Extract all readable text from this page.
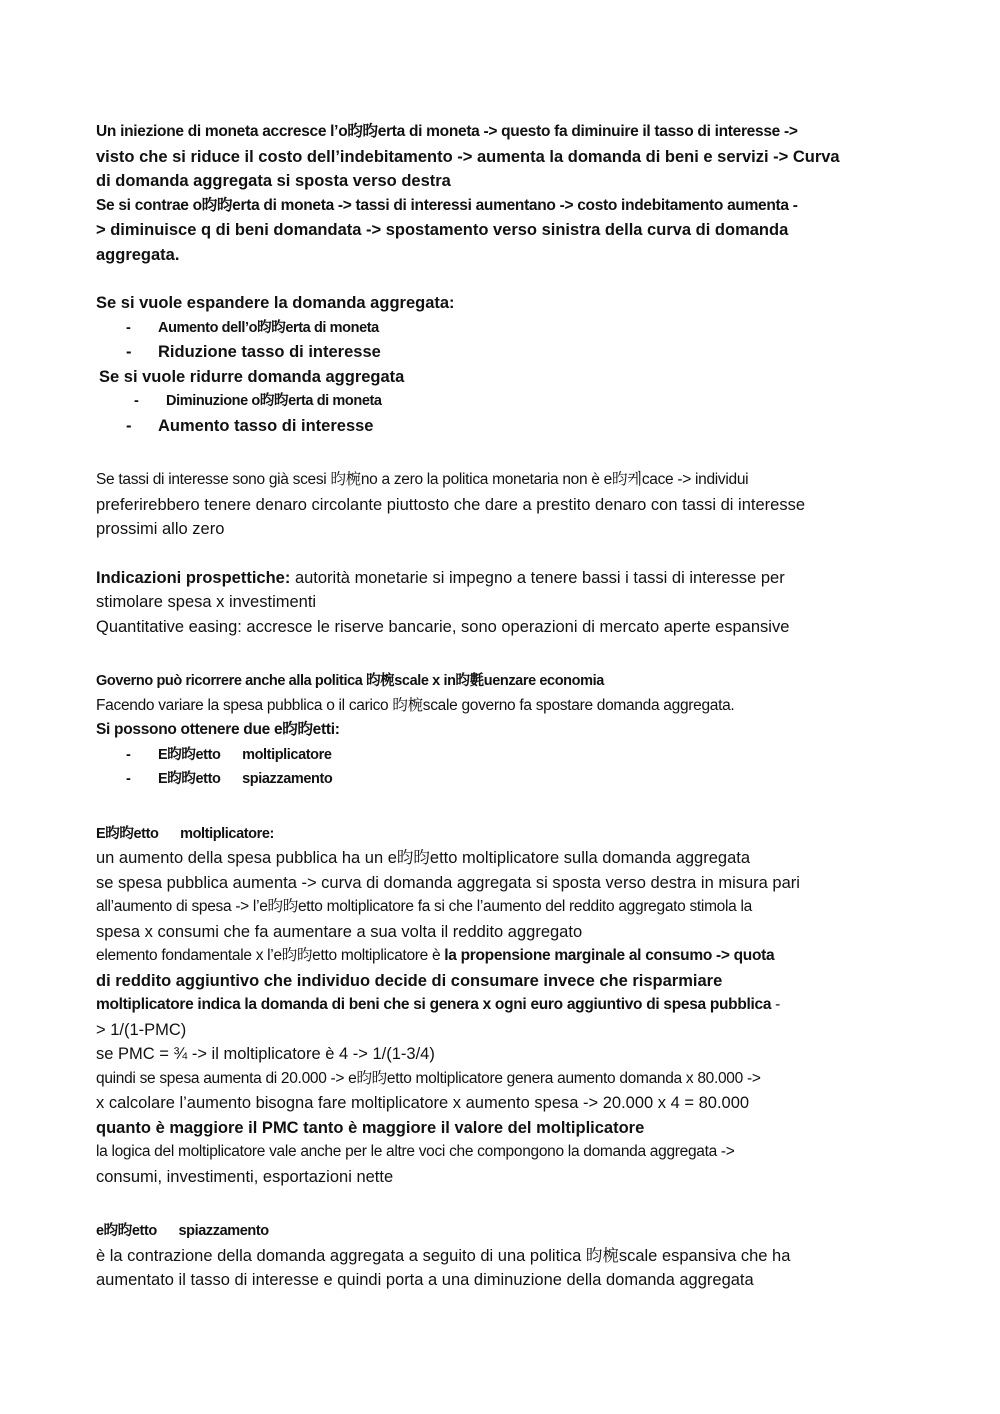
Un iniezione di moneta accresce l’o昀昀erta di moneta -> questo fa diminuire il tasso di interesse ->

visto che si riduce il costo dell’indebitamento -> aumenta la domanda di beni e servizi -> Curva

di domanda aggregata si sposta verso destra

Se si contrae o昀昀erta di moneta -> tassi di interessi aumentano -> costo indebitamento aumenta -

> diminuisce q di beni domandata -> spostamento verso sinistra della curva di domanda

aggregata.

Se si vuole espandere la domanda aggregata:

- Aumento dell’o昀昀erta di moneta
- Riduzione tasso di interesse

Se si vuole ridurre domanda aggregata

- Diminuzione o昀昀erta di moneta
- Aumento tasso di interesse

Se tassi di interesse sono già scesi 昀椀no a zero la politica monetaria non è e昀케cace -> individui

preferirebbero tenere denaro circolante piuttosto che dare a prestito denaro con tassi di interesse

prossimi allo zero

Indicazioni prospettiche: autorità monetarie si impegno a tenere bassi i tassi di interesse per

stimolare spesa x investimenti

Quantitative easing: accresce le riserve bancarie, sono operazioni di mercato aperte espansive

Governo può ricorrere anche alla politica 昀椀scale x in昀氀uenzare economia

Facendo variare la spesa pubblica o il carico 昀椀scale governo fa spostare domanda aggregata.

Si possono ottenere due e昀昀etti:

- E昀昀etto moltiplicatore
- E昀昀etto spiazzamento

E昀昀etto moltiplicatore:

un aumento della spesa pubblica ha un e昀昀etto moltiplicatore sulla domanda aggregata

se spesa pubblica aumenta -> curva di domanda aggregata si sposta verso destra in misura pari

all’aumento di spesa -> l’e昀昀etto moltiplicatore fa si che l’aumento del reddito aggregato stimola la

spesa x consumi che fa aumentare a sua volta il reddito aggregato

elemento fondamentale x l’e昀昀etto moltiplicatore è la propensione marginale al consumo -> quota

di reddito aggiuntivo che individuo decide di consumare invece che risparmiare

moltiplicatore indica la domanda di beni che si genera x ogni euro aggiuntivo di spesa pubblica -

> 1/(1-PMC)

se PMC = ¾ -> il moltiplicatore è 4 -> 1/(1-3/4)

quindi se spesa aumenta di 20.000 -> e昀昀etto moltiplicatore genera aumento domanda x 80.000 ->

x calcolare l’aumento bisogna fare moltiplicatore x aumento spesa -> 20.000 x 4 = 80.000

quanto è maggiore il PMC tanto è maggiore il valore del moltiplicatore

la logica del moltiplicatore vale anche per le altre voci che compongono la domanda aggregata ->

consumi, investimenti, esportazioni nette

e昀昀etto spiazzamento

è la contrazione della domanda aggregata a seguito di una politica 昀椀scale espansiva che ha

aumentato il tasso di interesse e quindi porta a una diminuzione della domanda aggregata
